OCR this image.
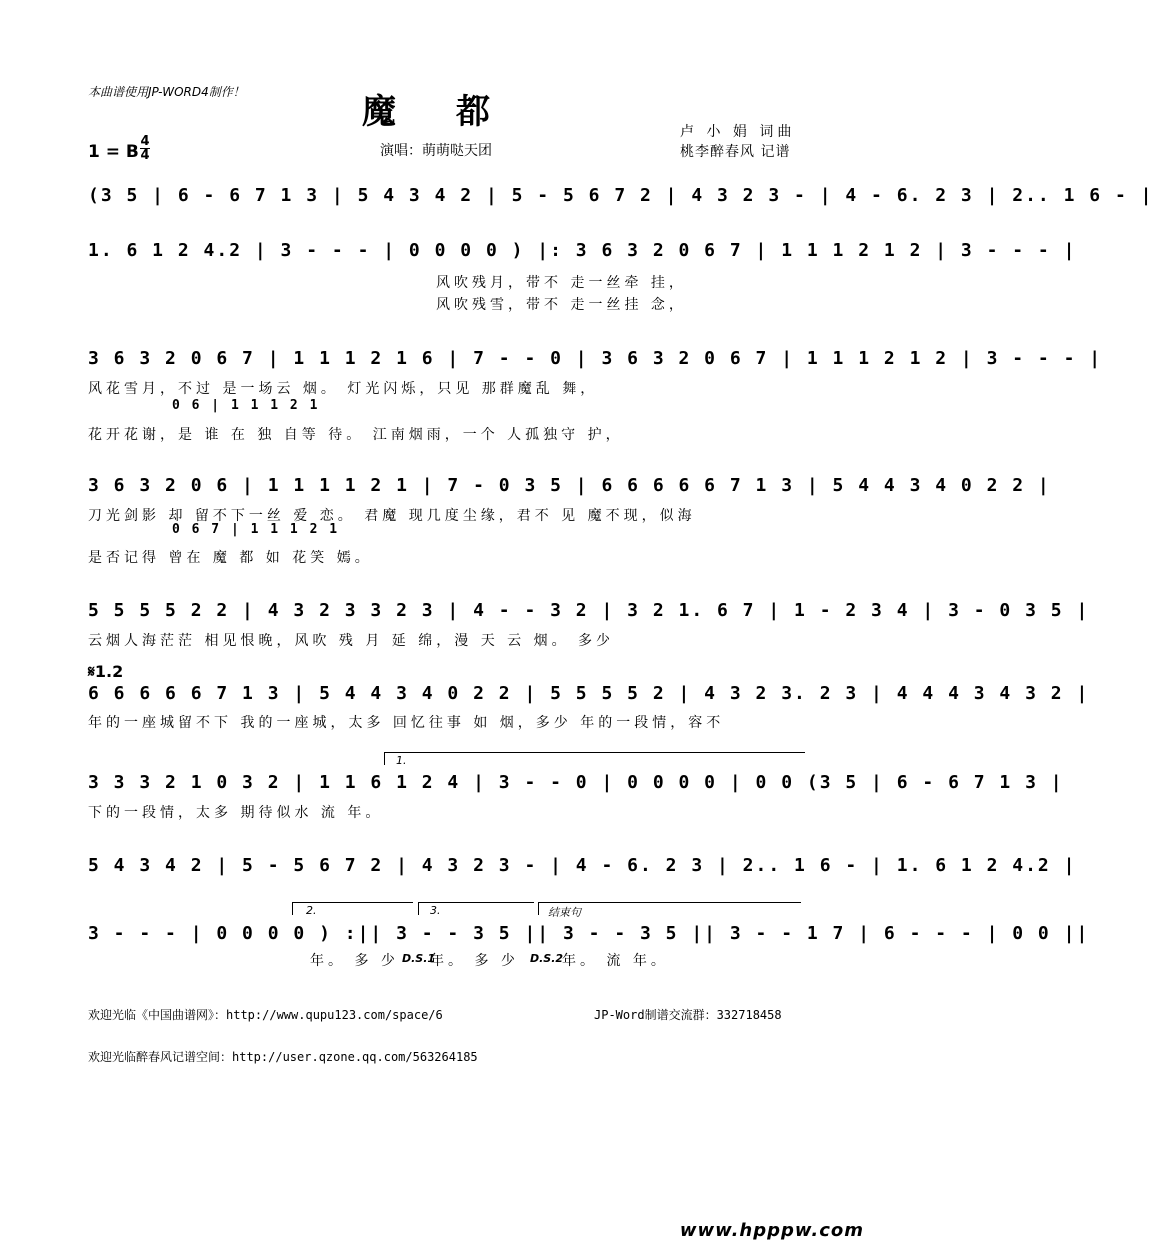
本曲谱使用JP-WORD4制作！	魔都	卢 小 娟 词曲
桃李醉春风 记谱
演唱：萌萌哒天团
1 = B
4
4
(3 5 | 6 - 6 7 1 3 | 5 4 3 4 2 | 5 - 5 6 7 2 | 4 3 2 3 - | 4 - 6. 2 3 | 2.. 1 6 - |
1. 6 1 2 4.2 | 3 - - - | 0 0 0 0 ) |: 3 6 3 2 0 6 7 | 1 1 1 2 1 2 | 3 - - - |
风吹残月，带不 走一丝牵 挂，
风吹残雪，带不 走一丝挂 念，
3 6 3 2 0 6 7 | 1 1 1 2 1 6 | 7 - - 0 | 3 6 3 2 0 6 7 | 1 1 1 2 1 2 | 3 - - - |
风花雪月，不过 是一场云 烟。 灯光闪烁，只见 那群魔乱 舞，
0 6 | 1 1 1 2 1
花开花谢，是 谁 在 独 自等 待。 江南烟雨，一个 人孤独守 护，
3 6 3 2 0 6 | 1 1 1 1 2 1 | 7 - 0 3 5 | 6 6 6 6 6 7 1 3 | 5 4 4 3 4 0 2 2 |
刀光剑影 却 留不下一丝 爱 恋。 君魔 现几度尘缘，君不 见 魔不现，似海
0 6 7 | 1 1 1 2 1
是否记得 曾在 魔 都 如 花笑 嫣。
5 5 5 5 2 2 | 4 3 2 3 3 2 3 | 4 - - 3 2 | 3 2 1. 6 7 | 1 - 2 3 4 | 3 - 0 3 5 |
云烟人海茫茫 相见恨晚，风吹 残 月 延 绵，漫 天 云 烟。 多少
𝄋1.2
6 6 6 6 6 7 1 3 | 5 4 4 3 4 0 2 2 | 5 5 5 5 2 | 4 3 2 3. 2 3 | 4 4 4 3 4 3 2 |
年的一座城留不下 我的一座城，太多 回忆往事 如 烟，多少 年的一段情，容不
1.
3 3 3 2 1 0 3 2 | 1 1 6 1 2 4 | 3 - - 0 | 0 0 0 0 | 0 0 (3 5 | 6 - 6 7 1 3 |
下的一段情，太多 期待似水 流 年。
5 4 3 4 2 | 5 - 5 6 7 2 | 4 3 2 3 - | 4 - 6. 2 3 | 2.. 1 6 - | 1. 6 1 2 4.2 |
2.	3.	结束句
3 - - - | 0 0 0 0 ) :|| 3 - - 3 5 || 3 - - 3 5 || 3 - - 1 7 | 6 - - - | 0 0 ||
年。 多 少 D.S.1
年。 多 少 D.S.2
年。 流 年。
欢迎光临《中国曲谱网》：http://www.qupu123.com/space/6	JP-Word制谱交流群：332718458
欢迎光临醉春风记谱空间：http://user.qzone.qq.com/563264185
www.hpppw.com
